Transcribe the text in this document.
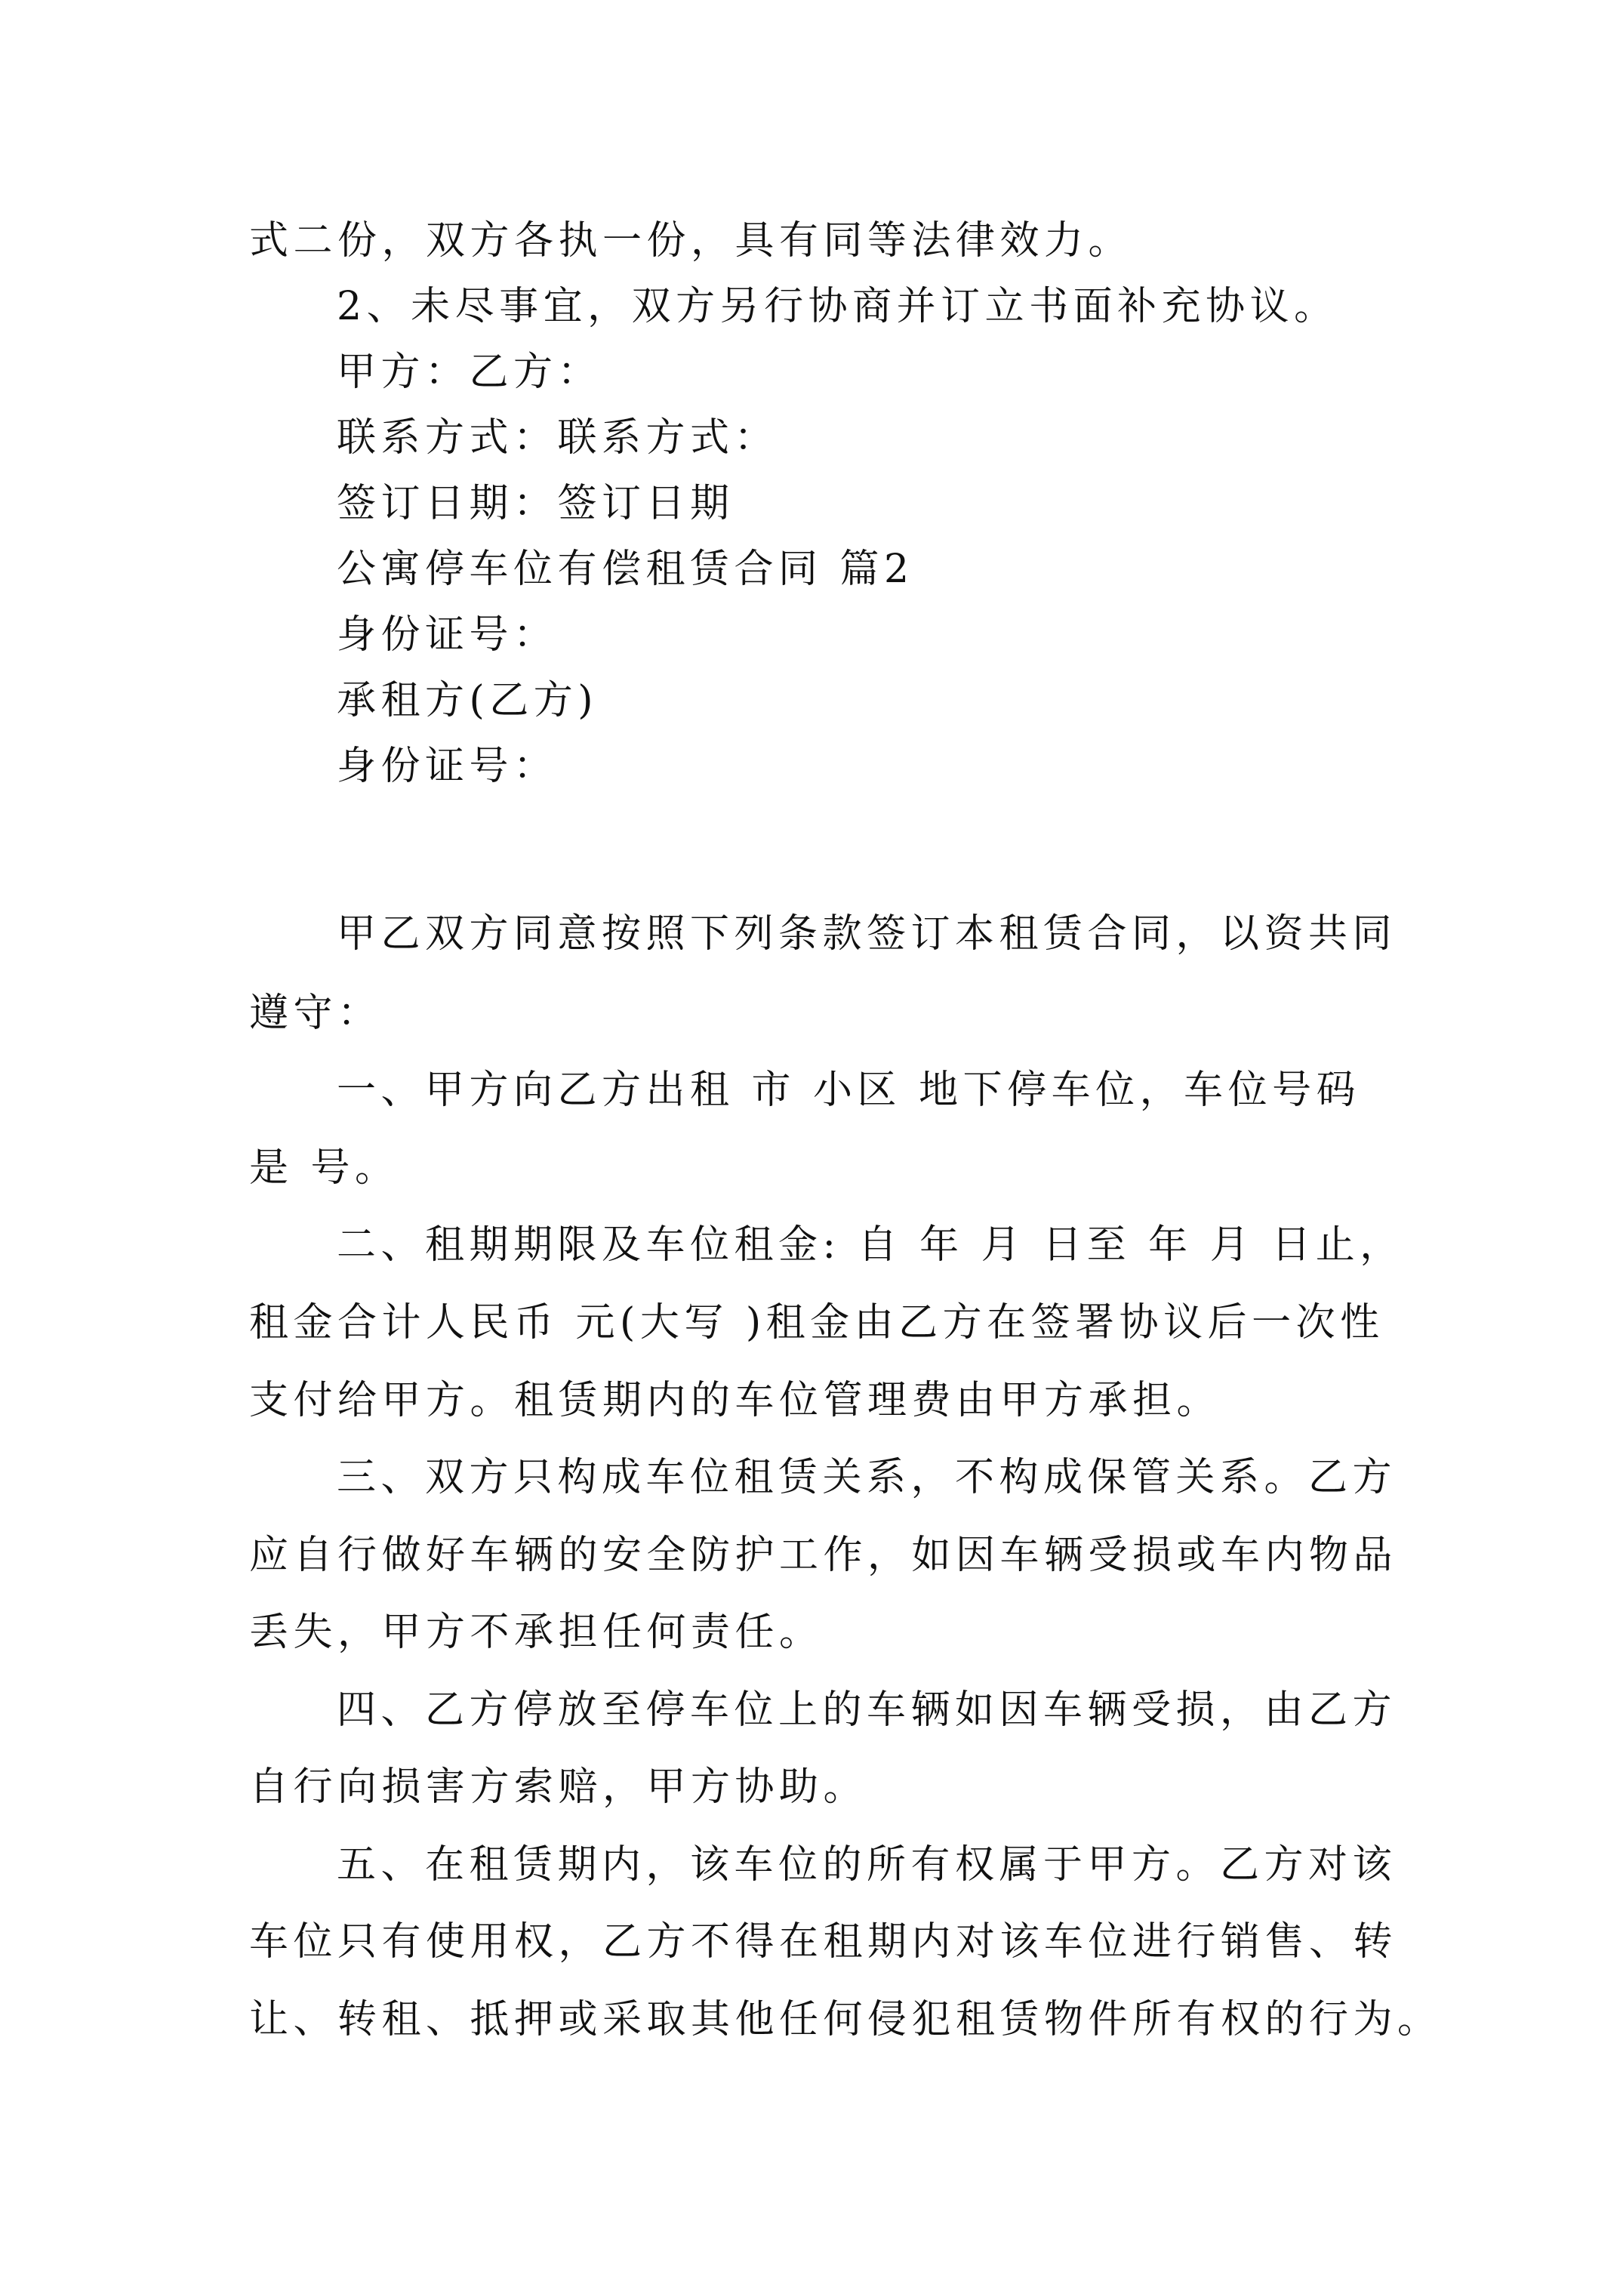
式二份，双方各执一份，具有同等法律效力。

2、未尽事宜，双方另行协商并订立书面补充协议。

甲方：乙方：

联系方式：联系方式：

签订日期：签订日期

公寓停车位有偿租赁合同 篇2

身份证号：

承租方(乙方)

身份证号：

甲乙双方同意按照下列条款签订本租赁合同，以资共同

遵守：

一、甲方向乙方出租 市 小区 地下停车位，车位号码

是 号。

二、租期期限及车位租金: 自 年 月 日至 年 月 日止，

租金合计人民币 元(大写 )租金由乙方在签署协议后一次性

支付给甲方。租赁期内的车位管理费由甲方承担。

三、双方只构成车位租赁关系，不构成保管关系。乙方

应自行做好车辆的安全防护工作，如因车辆受损或车内物品

丢失，甲方不承担任何责任。

四、乙方停放至停车位上的车辆如因车辆受损，由乙方

自行向损害方索赔，甲方协助。

五、在租赁期内，该车位的所有权属于甲方。乙方对该

车位只有使用权，乙方不得在租期内对该车位进行销售、转

让、转租、抵押或采取其他任何侵犯租赁物件所有权的行为。
